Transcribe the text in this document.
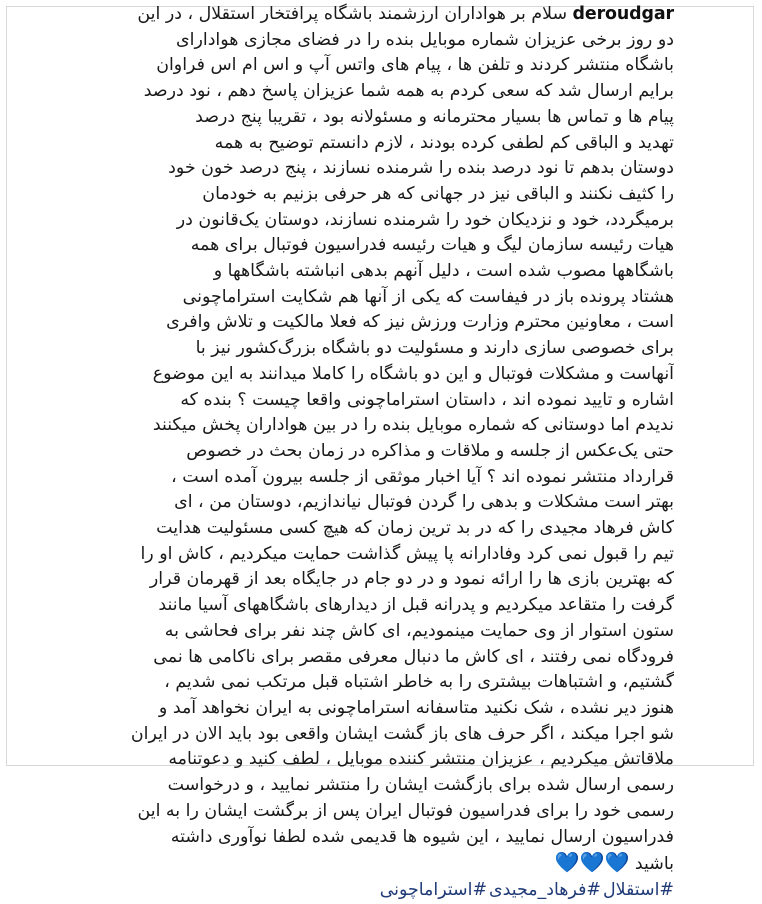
deroudgar سلام بر هواداران ارزشمند باشگاه پرافتخار استقلال ، در این
دو روز برخی عزیزان شماره موبایل بنده را در فضای مجازی هوادارای
باشگاه منتشر کردند و تلفن ها ، پیام های واتس آپ و اس ام اس فراوان
برایم ارسال شد که سعی کردم به همه شما عزیزان پاسخ دهم ، نود درصد
پیام ها و تماس ها بسیار محترمانه و مسئولانه بود ، تقریبا پنج درصد
تهدید و الباقی کم لطفی کرده بودند ، لازم دانستم توضیح به همه
دوستان بدهم تا نود درصد بنده را شرمنده نسازند ، پنج درصد خون خود
را کثیف نکنند و الباقی نیز در جهانی که هر حرفی بزنیم به خودمان
برمیگردد، خود و نزدیکان خود را شرمنده نسازند، دوستان یک‌قانون در
هیات رئیسه سازمان لیگ و هیات رئیسه فدراسیون فوتبال برای همه
باشگاهها مصوب شده است ، دلیل آنهم بدهی انباشته باشگاهها و
هشتاد پرونده باز در فیفاست که یکی از آنها هم شکایت استراماچونی
است ، معاونین محترم وزارت ورزش نیز که فعلا مالکیت و تلاش وافری
برای خصوصی سازی دارند و مسئولیت دو باشگاه بزرگ‌کشور نیز با
آنهاست و مشکلات فوتبال و این دو باشگاه را کاملا میدانند به این موضوع
اشاره و تایید نموده اند ، داستان استراماچونی واقعا چیست ؟ بنده که
ندیدم اما دوستانی که شماره موبایل بنده را در بین هواداران پخش میکنند
حتی یک‌عکس از جلسه و ملاقات و مذاکره در زمان بحث در خصوص
قرارداد منتشر نموده اند ؟ آیا اخبار موثقی از جلسه بیرون آمده است ،
بهتر است مشکلات و بدهی را گردن فوتبال نیاندازیم، دوستان من ، ای
کاش فرهاد مجیدی را که در بد ترین زمان که هیچ کسی مسئولیت هدایت
تیم را قبول نمی کرد وفادارانه پا پیش گذاشت حمایت میکردیم ، کاش او را
که بهترین بازی ها را ارائه نمود و در دو جام در جایگاه بعد از قهرمان قرار
گرفت را متقاعد میکردیم و پدرانه قبل از دیدارهای باشگاههای آسیا مانند
ستون استوار از وی حمایت مینمودیم، ای کاش چند نفر برای فحاشی به
فرودگاه نمی رفتند ، ای کاش ما دنبال معرفی مقصر برای ناکامی ها نمی
گشتیم، و اشتباهات بیشتری را به خاطر اشتباه قبل مرتکب نمی شدیم ،
هنوز دیر نشده ، شک نکنید متاسفانه استراماچونی به ایران نخواهد آمد و
شو اجرا میکند ، اگر حرف های باز گشت ایشان واقعی بود باید الان در ایران
ملاقاتش میکردیم ، عزیزان منتشر کننده موبایل ، لطف کنید و دعوتنامه
رسمی ارسال شده برای بازگشت ایشان را منتشر نمایید ، و درخواست
رسمی خود را برای فدراسیون فوتبال ایران پس از برگشت ایشان را به این
فدراسیون ارسال نمایید ، این شیوه ها قدیمی شده لطفا نوآوری داشته
باشید 💙💙💙
#استقلال#فرهاد_مجیدی#استراماچونی
